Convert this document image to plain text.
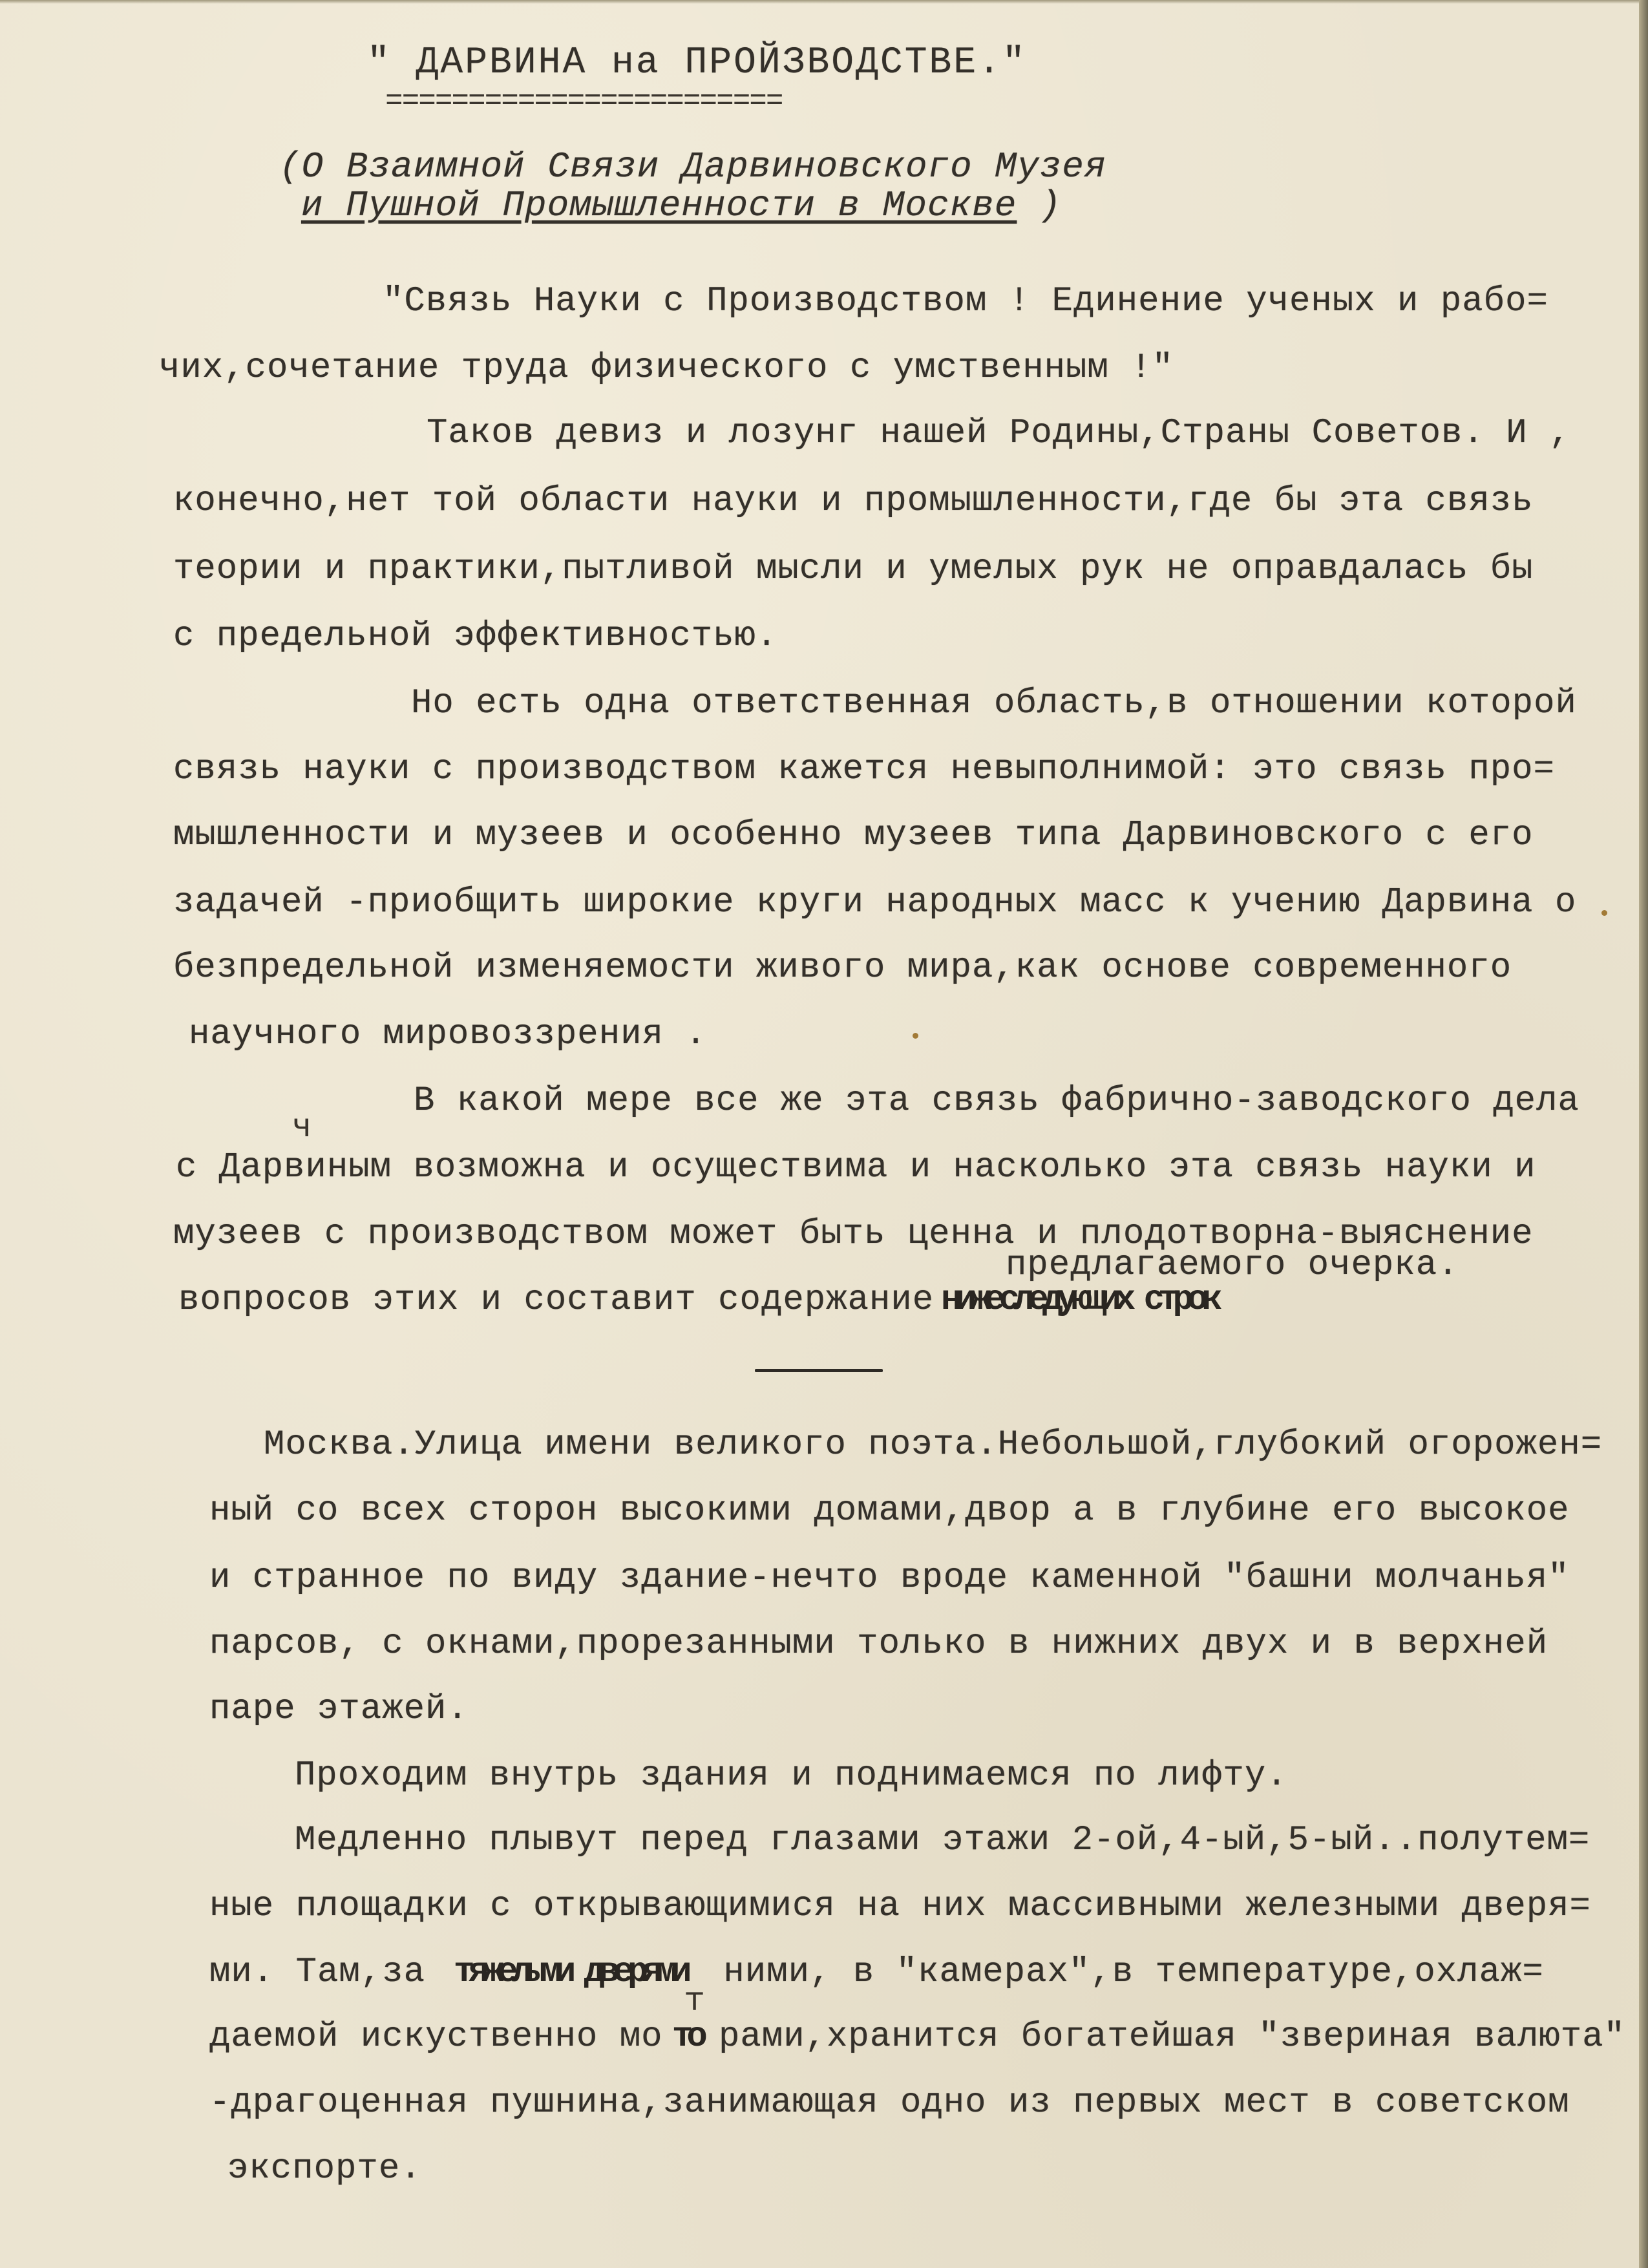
" ДАРВИНА на ПРОЙЗВОДСТВЕ."
========================
(О Взаимной Связи Дарвиновского Музея
и Пушной Промышленности в Москве )
"Связь Науки с Производством ! Единение ученых и рабо=
чих,сочетание труда физического с умственным !"
Таков девиз и лозунг нашей Родины,Страны Советов. И ,
конечно,нет той области науки и промышленности,где бы эта связь
теории и практики,пытливой мысли и умелых рук не оправдалась бы
с предельной эффективностью.
Но есть одна ответственная область,в отношении которой
связь науки с производством кажется невыполнимой: это связь про=
мышленности и музеев и особенно музеев типа Дарвиновского с его
задачей -приобщить широкие круги народных масс к учению Дарвина о
безпредельной изменяемости живого мира,как основе современного
научного мировоззрения .
В какой мере все же эта связь фабрично-заводского дела
ч
с Дарвиным возможна и осуществима и насколько эта связь науки и
музеев с производством может быть ценна и плодотворна-выяснение
предлагаемого очерка.
вопросов этих и составит содержание нижеследующих строк
Москва.Улица имени великого поэта.Небольшой,глубокий огорожен=
ный со всех сторон высокими домами,двор а в глубине его высокое
и странное по виду здание-нечто вроде каменной "башни молчанья"
парсов, с окнами,прорезанными только в нижних двух и в верхней
паре этажей.
Проходим внутрь здания и поднимаемся по лифту.
Медленно плывут перед глазами этажи 2-ой,4-ый,5-ый..полутем=
ные площадки с открывающимися на них массивными железными дверя=
ми. Там,за тяжелыми дверями ними, в "камерах",в температуре,охлаж=
т
даемой искуственно мо то рами,хранится богатейшая "звериная валюта"
-драгоценная пушнина,занимающая одно из первых мест в советском
экспорте.
